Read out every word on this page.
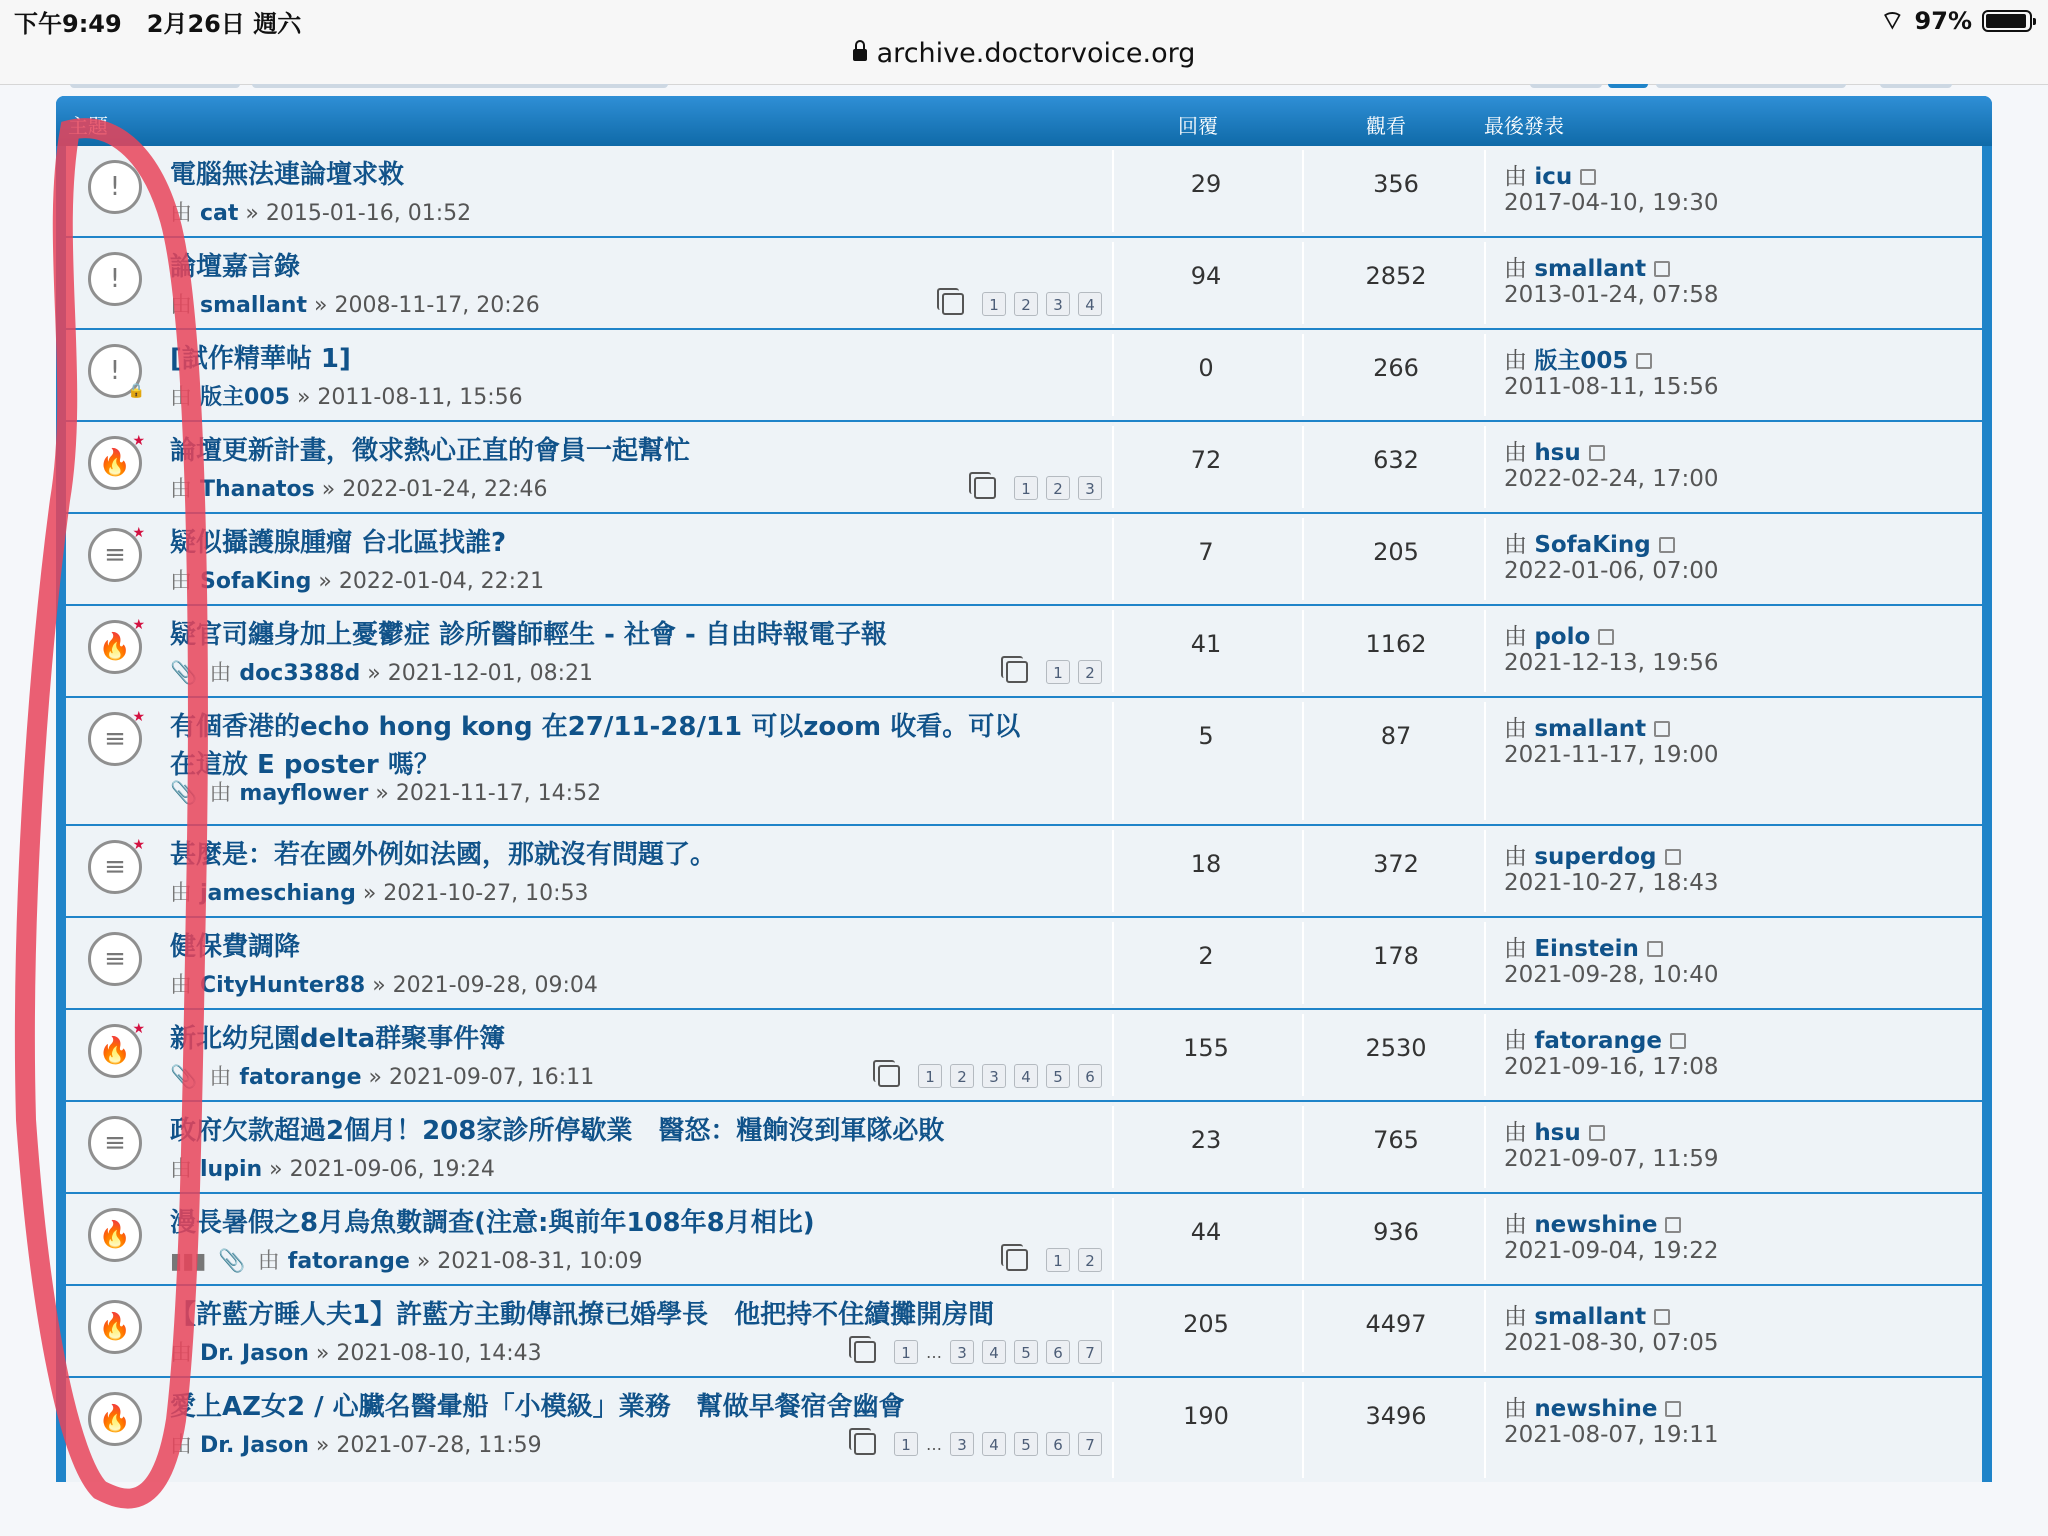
下午9:49 2月26日 週六	⌔ 97%
archive.doctorvoice.org
主題	回覆	觀看	最後發表
!	電腦無法連論壇求救
由 cat » 2015-01-16, 01:52
29	356	由 icu
2017-04-10, 19:30
!	論壇嘉言錄
由 smallant » 2008-11-17, 20:26	1	2	3	4
94	2852	由 smallant
2013-01-24, 07:58
!
🔒
[試作精華帖 1]
由 版主005 » 2011-08-11, 15:56
0	266	由 版主005
2011-08-11, 15:56
🔥
★ 論壇更新計畫，徵求熱心正直的會員一起幫忙
由 Thanatos » 2022-01-24, 22:46	1	2	3
72	632	由 hsu
2022-02-24, 17:00
≡
★ 疑似攝護腺腫瘤 台北區找誰?
由 SofaKing » 2022-01-04, 22:21
7	205	由 SofaKing
2022-01-06, 07:00
🔥
★ 疑官司纏身加上憂鬱症 診所醫師輕生 - 社會 - 自由時報電子報
📎 由 doc3388d » 2021-12-01, 08:21	1	2
41	1162	由 polo
2021-12-13, 19:56
≡
★ 有個香港的echo hong kong 在27/11-28/11 可以zoom 收看。可以在這放 E poster 嗎？
📎 由 mayflower » 2021-11-17, 14:52
5	87	由 smallant
2021-11-17, 19:00
≡
★ 甚麼是：若在國外例如法國，那就沒有問題了。
由 jameschiang » 2021-10-27, 10:53
18	372	由 superdog
2021-10-27, 18:43
≡	健保費調降
由 CityHunter88 » 2021-09-28, 09:04
2	178	由 Einstein
2021-09-28, 10:40
🔥
★ 新北幼兒園delta群聚事件簿
📎 由 fatorange » 2021-09-07, 16:11	1	2	3	4	5	6
155	2530	由 fatorange
2021-09-16, 17:08
≡	政府欠款超過2個月！208家診所停歇業　醫怒：糧餉沒到軍隊必敗
由 lupin » 2021-09-06, 19:24
23	765	由 hsu
2021-09-07, 11:59
🔥	漫長暑假之8月烏魚數調查(注意:與前年108年8月相比)
▮▮▮ 📎 由 fatorange » 2021-08-31, 10:09	1	2
44	936	由 newshine
2021-09-04, 19:22
🔥	【許藍方睡人夫1】許藍方主動傳訊撩已婚學長　他把持不住續攤開房間
由 Dr. Jason » 2021-08-10, 14:43	1 …	3	4	5	6	7
205	4497	由 smallant
2021-08-30, 07:05
🔥	愛上AZ女2 / 心臟名醫暈船「小模級」業務　幫做早餐宿舍幽會
由 Dr. Jason » 2021-07-28, 11:59	1 …	3	4	5	6	7
190	3496	由 newshine
2021-08-07, 19:11
